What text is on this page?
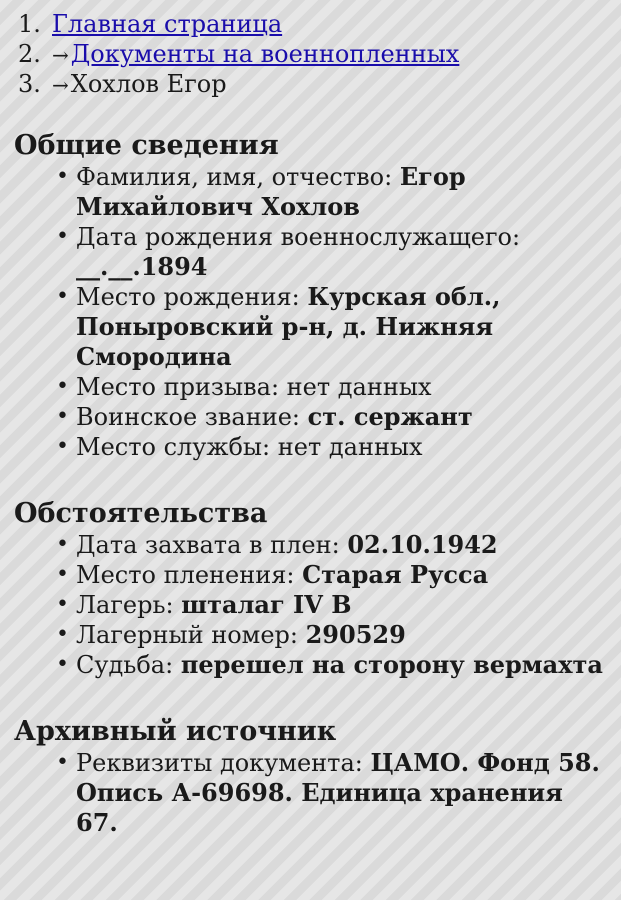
1. Главная страница
2. →Документы на военнопленных
3. →Хохлов Егор
Общие сведения
• Фамилия, имя, отчество: Егор Михайлович Хохлов
• Дата рождения военнослужащего: __.__.1894
• Место рождения: Курская обл., Поныровский р-н, д. Нижняя Смородина
• Место призыва: нет данных
• Воинское звание: ст. сержант
• Место службы: нет данных
Обстоятельства
• Дата захвата в плен: 02.10.1942
• Место пленения: Старая Русса
• Лагерь: шталаг IV B
• Лагерный номер: 290529
• Судьба: перешел на сторону вермахта
Архивный источник
• Реквизиты документа: ЦАМО. Фонд 58. Опись А-69698. Единица хранения 67.
